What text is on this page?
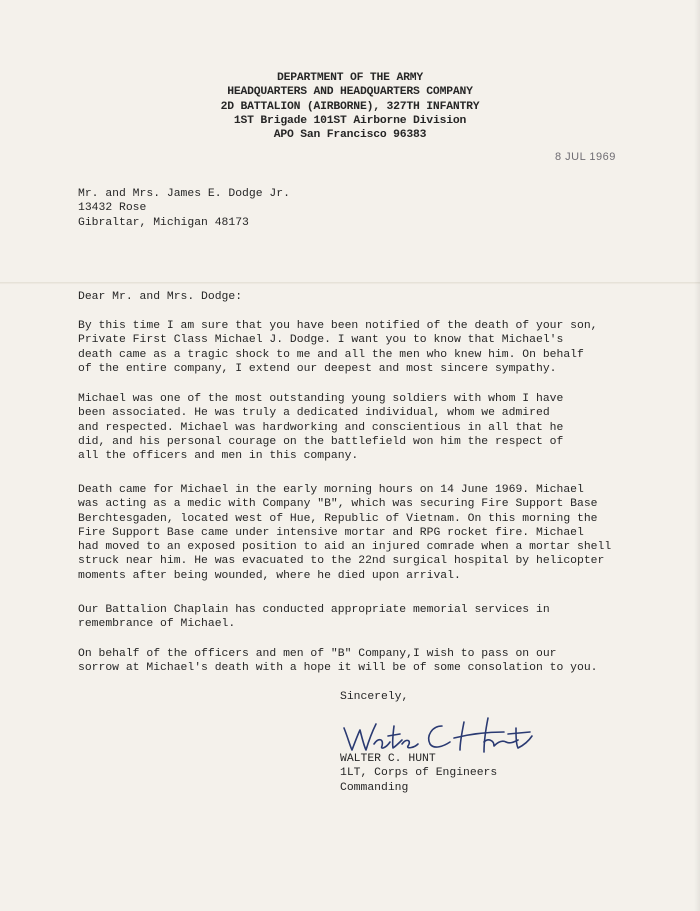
DEPARTMENT OF THE ARMY
HEADQUARTERS AND HEADQUARTERS COMPANY
2D BATTALION (AIRBORNE), 327TH INFANTRY
1ST Brigade 101ST Airborne Division
APO San Francisco 96383
8 JUL 1969
Mr. and Mrs. James E. Dodge Jr.
13432 Rose
Gibraltar, Michigan 48173
Dear Mr. and Mrs. Dodge:
By this time I am sure that you have been notified of the death of your son,
Private First Class Michael J. Dodge. I want you to know that Michael's
death came as a tragic shock to me and all the men who knew him. On behalf
of the entire company, I extend our deepest and most sincere sympathy.
Michael was one of the most outstanding young soldiers with whom I have
been associated. He was truly a dedicated individual, whom we admired
and respected. Michael was hardworking and conscientious in all that he
did, and his personal courage on the battlefield won him the respect of
all the officers and men in this company.
Death came for Michael in the early morning hours on 14 June 1969. Michael
was acting as a medic with Company "B", which was securing Fire Support Base
Berchtesgaden, located west of Hue, Republic of Vietnam. On this morning the
Fire Support Base came under intensive mortar and RPG rocket fire. Michael
had moved to an exposed position to aid an injured comrade when a mortar shell
struck near him. He was evacuated to the 22nd surgical hospital by helicopter
moments after being wounded, where he died upon arrival.
Our Battalion Chaplain has conducted appropriate memorial services in
remembrance of Michael.
On behalf of the officers and men of "B" Company,I wish to pass on our
sorrow at Michael's death with a hope it will be of some consolation to you.
Sincerely,
WALTER C. HUNT
1LT, Corps of Engineers
Commanding
